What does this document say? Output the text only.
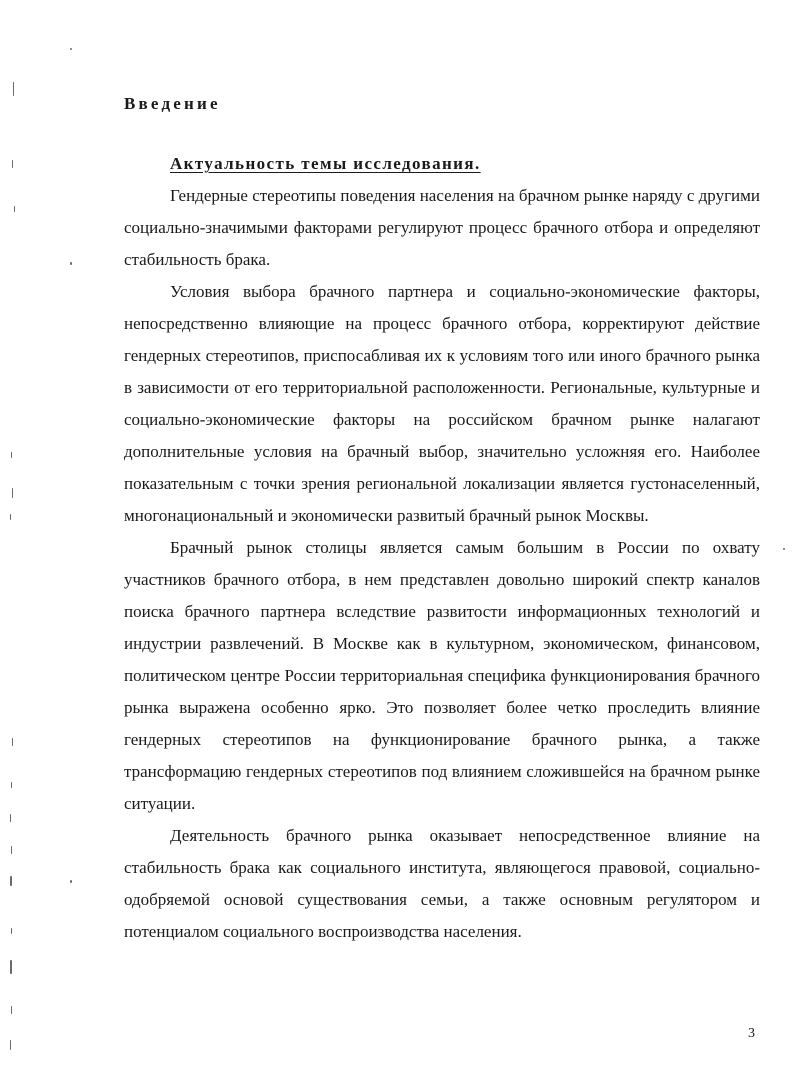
Введение
Актуальность темы исследования.

Гендерные стереотипы поведения населения на брачном рынке наряду с другими социально-значимыми факторами регулируют процесс брачного отбора и определяют стабильность брака.

Условия выбора брачного партнера и социально-экономические факторы, непосредственно влияющие на процесс брачного отбора, корректируют действие гендерных стереотипов, приспосабливая их к условиям того или иного брачного рынка в зависимости от его территориальной расположенности. Региональные, культурные и социально-экономические факторы на российском брачном рынке налагают дополнительные условия на брачный выбор, значительно усложняя его. Наиболее показательным с точки зрения региональной локализации является густонаселенный, многонациональный и экономически развитый брачный рынок Москвы.

Брачный рынок столицы является самым большим в России по охвату участников брачного отбора, в нем представлен довольно широкий спектр каналов поиска брачного партнера вследствие развитости информационных технологий и индустрии развлечений. В Москве как в культурном, экономическом, финансовом, политическом центре России территориальная специфика функционирования брачного рынка выражена особенно ярко. Это позволяет более четко проследить влияние гендерных стереотипов на функционирование брачного рынка, а также трансформацию гендерных стереотипов под влиянием сложившейся на брачном рынке ситуации.

Деятельность брачного рынка оказывает непосредственное влияние на стабильность брака как социального института, являющегося правовой, социально-одобряемой основой существования семьи, а также основным регулятором и потенциалом социального воспроизводства населения.

3
